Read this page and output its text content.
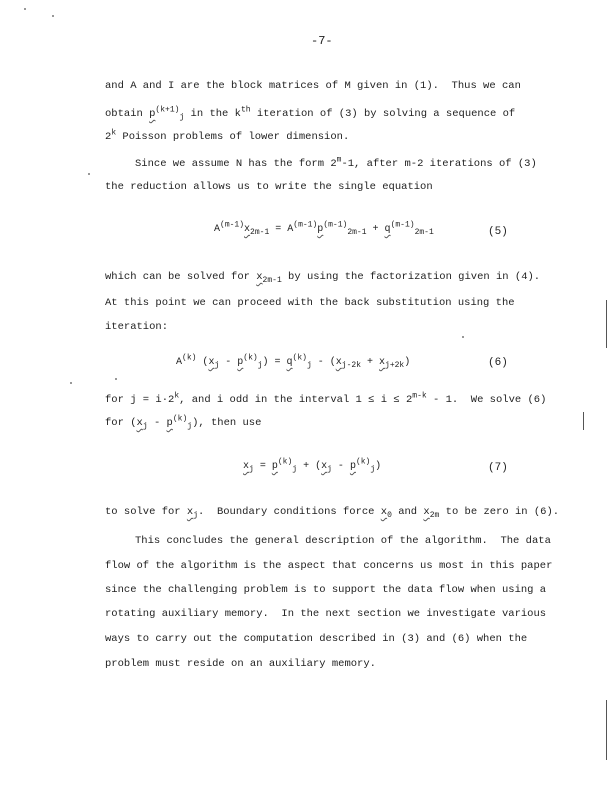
-7-
and A and I are the block matrices of M given in (1).  Thus we can
obtain $p^{(k+1)}_j$ in the $k^{th}$ iteration of (3) by solving a sequence of
2$^k$ Poisson problems of lower dimension.
Since we assume N has the form 2$^m$-1, after m-2 iterations of (3)
the reduction allows us to write the single equation
$A^{(m-1)}x_{2m-1} = A^{(m-1)}p^{(m-1)}_{2m-1} + q^{(m-1)}_{2m-1}$	(5)
which can be solved for $x_{2m-1}$ by using the factorization given in (4).
At this point we can proceed with the back substitution using the
iteration:
$A^{(k)}$ $(x_j - p^{(k)}_j) = q^{(k)}_j - (x_{j-2k} + x_{j+2k})$	(6)
for $j = i\cdot 2^k$, and i odd in the interval $1 \le i \le 2^{m-k} - 1$.  We solve (6)
for $(x_j - p^{(k)}_j)$, then use
$x_j = p^{(k)}_j + (x_j - p^{(k)}_j)$	(7)
to solve for $x_j$.  Boundary conditions force $x_0$ and $x_{2m}$ to be zero in (6).
This concludes the general description of the algorithm.  The data
flow of the algorithm is the aspect that concerns us most in this paper
since the challenging problem is to support the data flow when using a
rotating auxiliary memory.  In the next section we investigate various
ways to carry out the computation described in (3) and (6) when the
problem must reside on an auxiliary memory.
